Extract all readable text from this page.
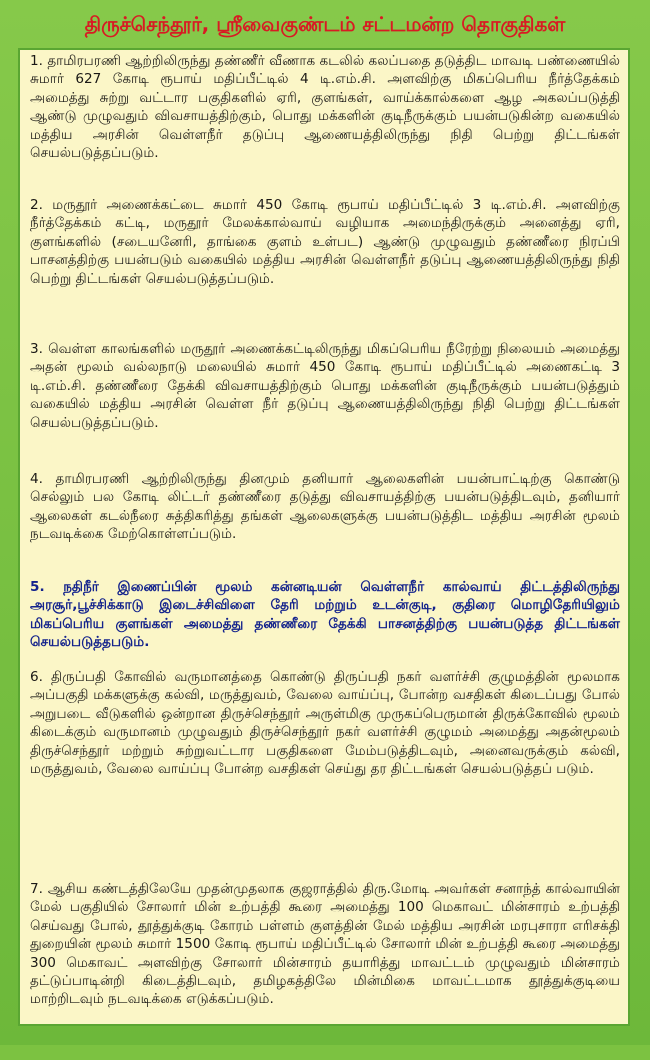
திருச்செந்தூர், ஸ்ரீவைகுண்டம் சட்டமன்ற தொகுதிகள்

1. தாமிரபரணி ஆற்றிலிருந்து தண்ணீர் வீணாக கடலில் கலப்பதை தடுத்திட மாவடி பண்ணையில் சுமார் 627 கோடி ரூபாய் மதிப்பீட்டில் 4 டி.எம்.சி. அளவிற்கு மிகப்பெரிய நீர்த்தேக்கம் அமைத்து சுற்று வட்டார பகுதிகளில் ஏரி, குளங்கள், வாய்க்கால்களை ஆழ அகலப்படுத்தி ஆண்டு முழுவதும் விவசாயத்திற்கும், பொது மக்களின் குடிநீருக்கும் பயன்படுகின்ற வகையில் மத்திய அரசின் வெள்ளநீர் தடுப்பு ஆணையத்திலிருந்து நிதி பெற்று திட்டங்கள் செயல்படுத்தப்படும்.

2. மருதூர் அணைக்கட்டை சுமார் 450 கோடி ரூபாய் மதிப்பீட்டில் 3 டி.எம்.சி. அளவிற்கு நீர்த்தேக்கம் கட்டி, மருதூர் மேலக்கால்வாய் வழியாக அமைந்திருக்கும் அனைத்து ஏரி, குளங்களில் (சடையனேரி, தாங்கை குளம் உள்பட) ஆண்டு முழுவதும் தண்ணீரை நிரப்பி பாசனத்திற்கு பயன்படும் வகையில் மத்திய அரசின் வெள்ளநீர் தடுப்பு ஆணையத்திலிருந்து நிதி பெற்று திட்டங்கள் செயல்படுத்தப்படும்.

3. வெள்ள காலங்களில் மருதூர் அணைக்கட்டிலிருந்து மிகப்பெரிய நீரேற்று நிலையம் அமைத்து அதன் மூலம் வல்லநாடு மலையில் சுமார் 450 கோடி ரூபாய் மதிப்பீட்டில் அணைகட்டி 3 டி.எம்.சி. தண்ணீரை தேக்கி விவசாயத்திற்கும் பொது மக்களின் குடிநீருக்கும் பயன்படுத்தும் வகையில் மத்திய அரசின் வெள்ள நீர் தடுப்பு ஆணையத்திலிருந்து நிதி பெற்று திட்டங்கள் செயல்படுத்தப்படும்.

4. தாமிரபரணி ஆற்றிலிருந்து தினமும் தனியார் ஆலைகளின் பயன்பாட்டிற்கு கொண்டு செல்லும் பல கோடி லிட்டர் தண்ணீரை தடுத்து விவசாயத்திற்கு பயன்படுத்திடவும், தனியார் ஆலைகள் கடல்நீரை சுத்திகரித்து தங்கள் ஆலைகளுக்கு பயன்படுத்திட மத்திய அரசின் மூலம் நடவடிக்கை மேற்கொள்ளப்படும்.

5. நதிநீர் இணைப்பின் மூலம் கன்னடியன் வெள்ளநீர் கால்வாய் திட்டத்திலிருந்து அரசூர்,பூச்சிக்காடு இடைச்சிவிளை தேரி மற்றும் உடன்குடி, குதிரை மொழிதேரியிலும் மிகப்பெரிய குளங்கள் அமைத்து தண்ணீரை தேக்கி பாசனத்திற்கு பயன்படுத்த திட்டங்கள் செயல்படுத்தபடும்.

6. திருப்பதி கோவில் வருமானத்தை கொண்டு திருப்பதி நகர் வளர்ச்சி குழுமத்தின் மூலமாக அப்பகுதி மக்களுக்கு கல்வி, மருத்துவம், வேலை வாய்ப்பு, போன்ற வசதிகள் கிடைப்பது போல் அறுபடை வீடுகளில் ஒன்றான திருச்செந்தூர் அருள்மிகு முருகப்பெருமான் திருக்கோவில் மூலம் கிடைக்கும் வருமானம் முழுவதும் திருச்செந்தூர் நகர் வளர்ச்சி குழுமம் அமைத்து அதன்மூலம் திருச்செந்தூர் மற்றும் சுற்றுவட்டார பகுதிகளை மேம்படுத்திடவும், அனைவருக்கும் கல்வி, மருத்துவம், வேலை வாய்ப்பு போன்ற வசதிகள் செய்து தர திட்டங்கள் செயல்படுத்தப் படும்.

7. ஆசிய கண்டத்திலேயே முதன்முதலாக குஜராத்தில் திரு.மோடி அவர்கள் சனாந்த் கால்வாயின் மேல் பகுதியில் சோலார் மின் உற்பத்தி கூரை அமைத்து 100 மெகாவட் மின்சாரம் உற்பத்தி செய்வது போல், தூத்துக்குடி கோரம் பள்ளம் குளத்தின் மேல் மத்திய அரசின் மரபுசாரா எரிசக்தி துறையின் மூலம் சுமார் 1500 கோடி ரூபாய் மதிப்பீட்டில் சோலார் மின் உற்பத்தி கூரை அமைத்து 300 மெகாவட் அளவிற்கு சோலார் மின்சாரம் தயாரித்து மாவட்டம் முழுவதும் மின்சாரம் தட்டுப்பாடின்றி கிடைத்திடவும், தமிழகத்திலே மின்மிகை மாவட்டமாக தூத்துக்குடியை மாற்றிடவும் நடவடிக்கை எடுக்கப்படும்.
